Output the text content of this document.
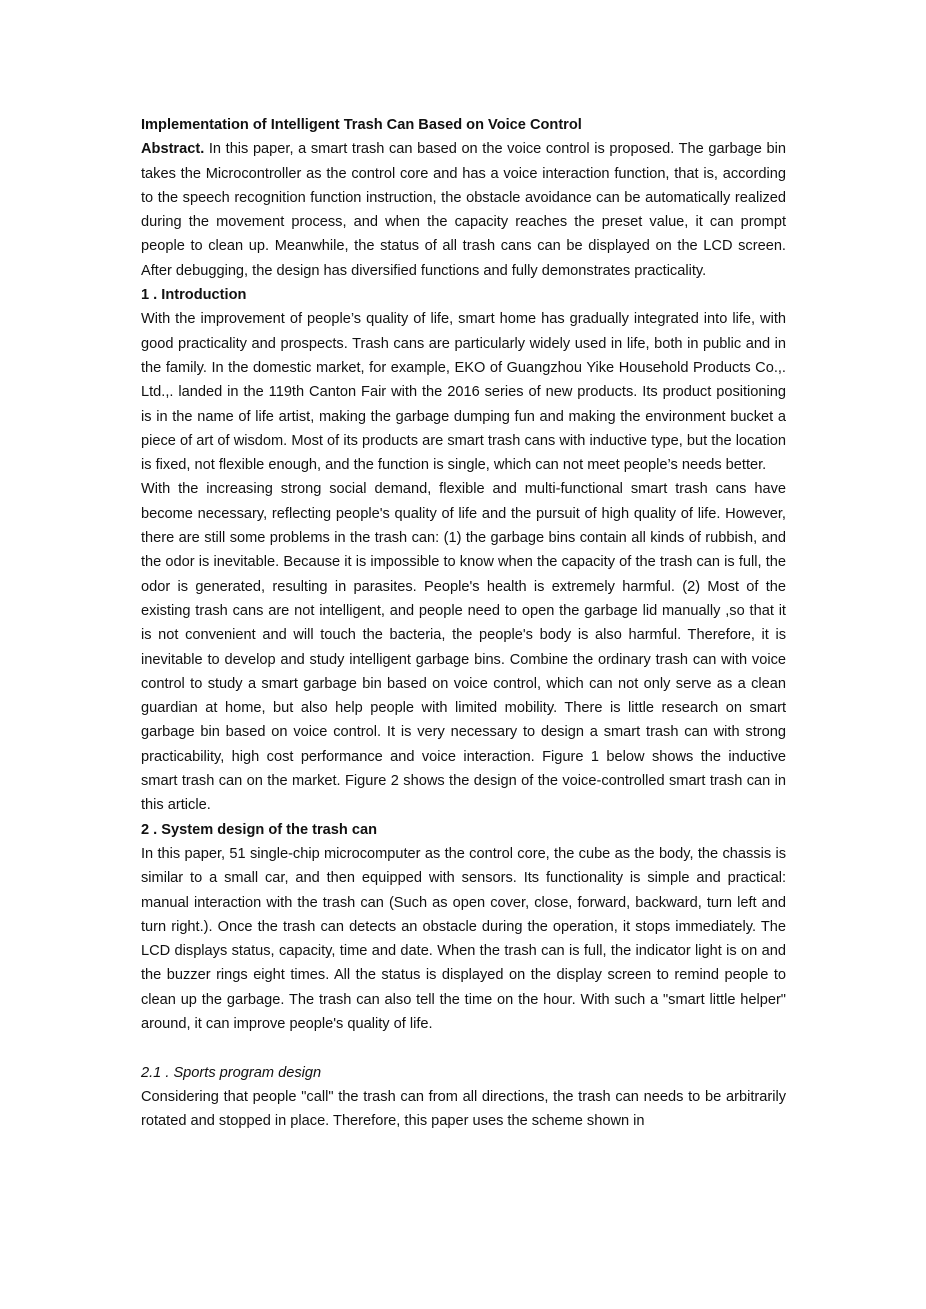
Implementation of Intelligent Trash Can Based on Voice Control

Abstract. In this paper, a smart trash can based on the voice control is proposed. The garbage bin takes the Microcontroller as the control core and has a voice interaction function, that is, according to the speech recognition function instruction, the obstacle avoidance can be automatically realized during the movement process, and when the capacity reaches the preset value, it can prompt people to clean up. Meanwhile, the status of all trash cans can be displayed on the LCD screen. After debugging, the design has diversified functions and fully demonstrates practicality.

1 . Introduction

With the improvement of people’s quality of life, smart home has gradually integrated into life, with good practicality and prospects. Trash cans are particularly widely used in life, both in public and in the family. In the domestic market, for example, EKO of Guangzhou Yike Household Products Co.,. Ltd.,. landed in the 119th Canton Fair with the 2016 series of new products. Its product positioning is in the name of life artist, making the garbage dumping fun and making the environment bucket a piece of art of wisdom. Most of its products are smart trash cans with inductive type, but the location is fixed, not flexible enough, and the function is single, which can not meet people’s needs better.

With the increasing strong social demand, flexible and multi-functional smart trash cans have become necessary, reflecting people's quality of life and the pursuit of high quality of life. However, there are still some problems in the trash can: (1) the garbage bins contain all kinds of rubbish, and the odor is inevitable. Because it is impossible to know when the capacity of the trash can is full, the odor is generated, resulting in parasites. People's health is extremely harmful. (2) Most of the existing trash cans are not intelligent, and people need to open the garbage lid manually ,so that it is not convenient and will touch the bacteria, the people's body is also harmful. Therefore, it is inevitable to develop and study intelligent garbage bins. Combine the ordinary trash can with voice control to study a smart garbage bin based on voice control, which can not only serve as a clean guardian at home, but also help people with limited mobility. There is little research on smart garbage bin based on voice control. It is very necessary to design a smart trash can with strong practicability, high cost performance and voice interaction. Figure 1 below shows the inductive smart trash can on the market. Figure 2 shows the design of the voice-controlled smart trash can in this article.

2 . System design of the trash can

In this paper, 51 single-chip microcomputer as the control core, the cube as the body, the chassis is similar to a small car, and then equipped with sensors. Its functionality is simple and practical: manual interaction with the trash can (Such as open cover, close, forward, backward, turn left and turn right.). Once the trash can detects an obstacle during the operation, it stops immediately. The LCD displays status, capacity, time and date. When the trash can is full, the indicator light is on and the buzzer rings eight times. All the status is displayed on the display screen to remind people to clean up the garbage. The trash can also tell the time on the hour. With such a "smart little helper" around, it can improve people's quality of life.

2.1 . Sports program design

Considering that people "call" the trash can from all directions, the trash can needs to be arbitrarily rotated and stopped in place. Therefore, this paper uses the scheme shown in
